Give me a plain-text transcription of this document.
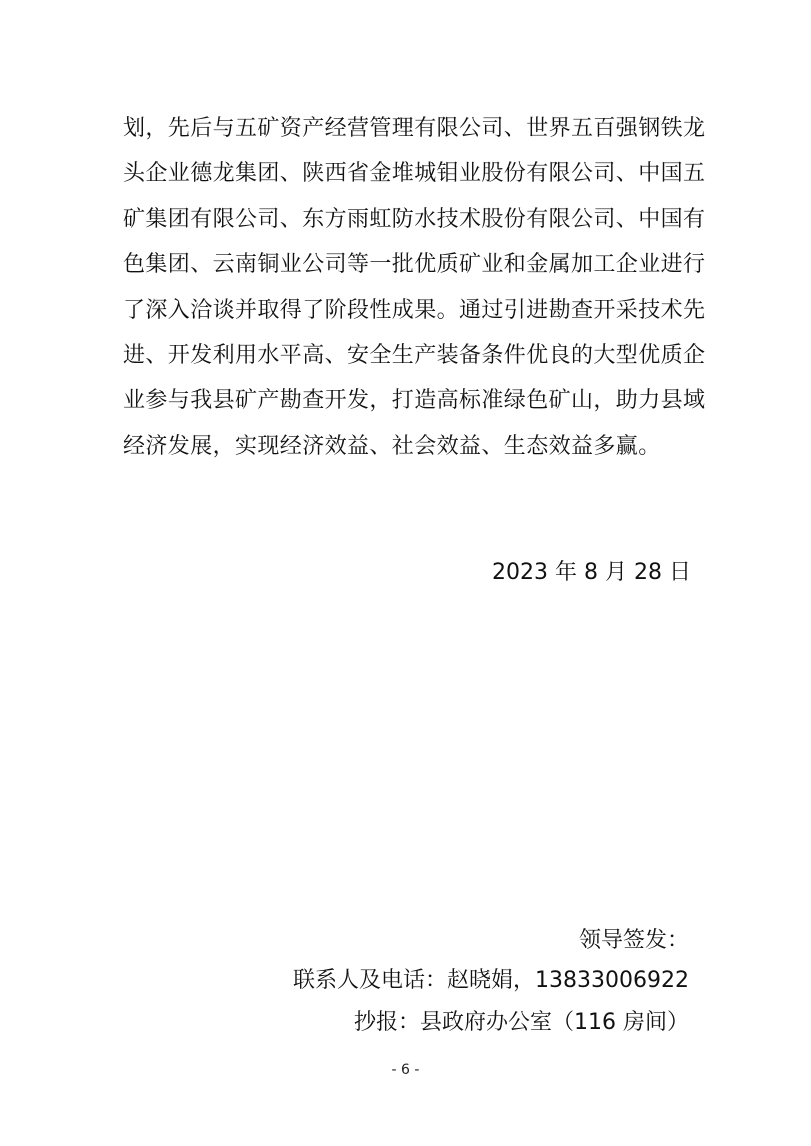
划，先后与五矿资产经营管理有限公司、世界五百强钢铁龙
头企业德龙集团、陕西省金堆城钼业股份有限公司、中国五
矿集团有限公司、东方雨虹防水技术股份有限公司、中国有
色集团、云南铜业公司等一批优质矿业和金属加工企业进行
了深入洽谈并取得了阶段性成果。通过引进勘查开采技术先
进、开发利用水平高、安全生产装备条件优良的大型优质企
业参与我县矿产勘查开发，打造高标准绿色矿山，助力县域
经济发展，实现经济效益、社会效益、生态效益多赢。
2023 年 8 月 28 日
领导签发：
联系人及电话：赵晓娟，13833006922
抄报：县政府办公室（116 房间）
- 6 -
